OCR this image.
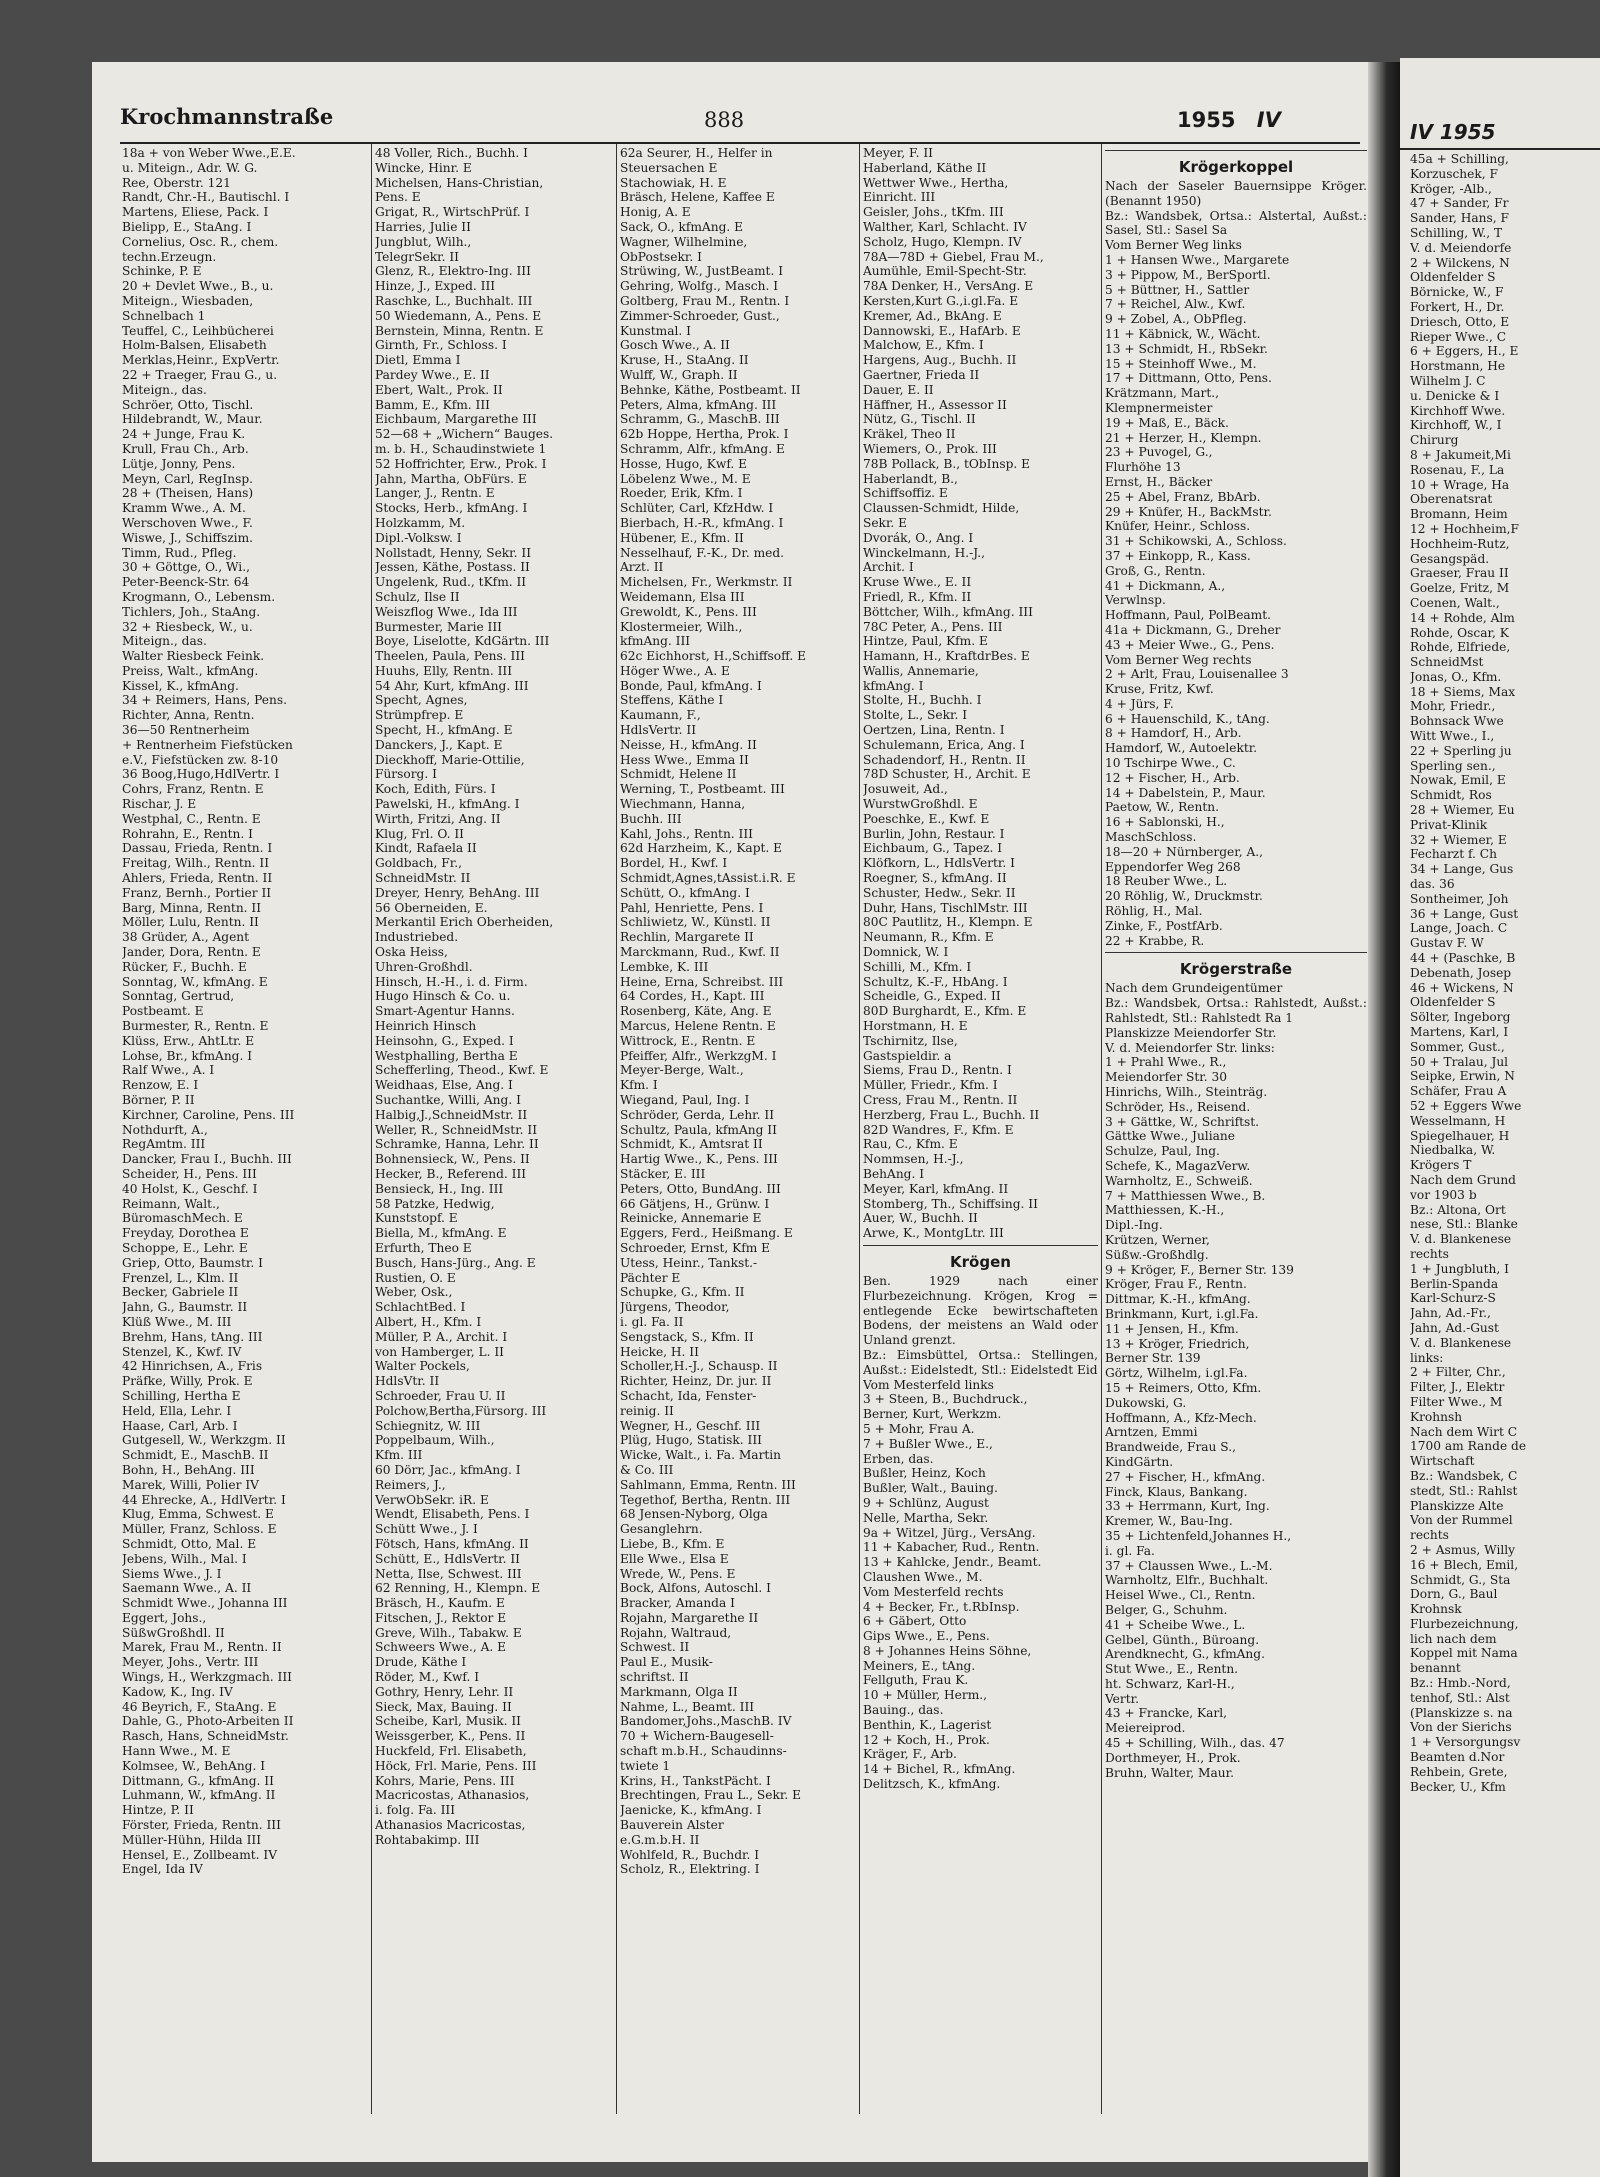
Krochmannstraße	888	1955 IV
18a + von Weber Wwe.,E.E.
u. Miteign., Adr. W. G.
Ree, Oberstr. 121
Randt, Chr.-H., Bautischl. I
Martens, Eliese, Pack. I
Bielipp, E., StaAng. I
Cornelius, Osc. R., chem.
techn.Erzeugn.
Schinke, P. E
20 + Devlet Wwe., B., u.
Miteign., Wiesbaden,
Schnelbach 1
Teuffel, C., Leihbücherei
Holm-Balsen, Elisabeth
Merklas,Heinr., ExpVertr.
22 + Traeger, Frau G., u.
Miteign., das.
Schröer, Otto, Tischl.
Hildebrandt, W., Maur.
24 + Junge, Frau K.
Krull, Frau Ch., Arb.
Lütje, Jonny, Pens.
Meyn, Carl, RegInsp.
28 + (Theisen, Hans)
Kramm Wwe., A. M.
Werschoven Wwe., F.
Wiswe, J., Schiffszim.
Timm, Rud., Pfleg.
30 + Göttge, O., Wi.,
Peter-Beenck-Str. 64
Krogmann, O., Lebensm.
Tichlers, Joh., StaAng.
32 + Riesbeck, W., u.
Miteign., das.
Walter Riesbeck Feink.
Preiss, Walt., kfmAng.
Kissel, K., kfmAng.
34 + Reimers, Hans, Pens.
Richter, Anna, Rentn.
36—50 Rentnerheim
+ Rentnerheim Fiefstücken
e.V., Fiefstücken zw. 8-10
36 Boog,Hugo,HdlVertr. I
Cohrs, Franz, Rentn. E
Rischar, J. E
Westphal, C., Rentn. E
Rohrahn, E., Rentn. I
Dassau, Frieda, Rentn. I
Freitag, Wilh., Rentn. II
Ahlers, Frieda, Rentn. II
Franz, Bernh., Portier II
Barg, Minna, Rentn. II
Möller, Lulu, Rentn. II
38 Grüder, A., Agent
Jander, Dora, Rentn. E
Rücker, F., Buchh. E
Sonntag, W., kfmAng. E
Sonntag, Gertrud,
Postbeamt. E
Burmester, R., Rentn. E
Klüss, Erw., AhtLtr. E
Lohse, Br., kfmAng. I
Ralf Wwe., A. I
Renzow, E. I
Börner, P. II
Kirchner, Caroline, Pens. III
Nothdurft, A.,
RegAmtm. III
Dancker, Frau I., Buchh. III
Scheider, H., Pens. III
40 Holst, K., Geschf. I
Reimann, Walt.,
BüromaschMech. E
Freyday, Dorothea E
Schoppe, E., Lehr. E
Griep, Otto, Baumstr. I
Frenzel, L., Klm. II
Becker, Gabriele II
Jahn, G., Baumstr. II
Klüß Wwe., M. III
Brehm, Hans, tAng. III
Stenzel, K., Kwf. IV
42 Hinrichsen, A., Fris
Präfke, Willy, Prok. E
Schilling, Hertha E
Held, Ella, Lehr. I
Haase, Carl, Arb. I
Gutgesell, W., Werkzgm. II
Schmidt, E., MaschB. II
Bohn, H., BehAng. III
Marek, Willi, Polier IV
44 Ehrecke, A., HdlVertr. I
Klug, Emma, Schwest. E
Müller, Franz, Schloss. E
Schmidt, Otto, Mal. E
Jebens, Wilh., Mal. I
Siems Wwe., J. I
Saemann Wwe., A. II
Schmidt Wwe., Johanna III
Eggert, Johs.,
SüßwGroßhdl. II
Marek, Frau M., Rentn. II
Meyer, Johs., Vertr. III
Wings, H., Werkzgmach. III
Kadow, K., Ing. IV
46 Beyrich, F., StaAng. E
Dahle, G., Photo-Arbeiten II
Rasch, Hans, SchneidMstr.
Hann Wwe., M. E
Kolmsee, W., BehAng. I
Dittmann, G., kfmAng. II
Luhmann, W., kfmAng. II
Hintze, P. II
Förster, Frieda, Rentn. III
Müller-Hühn, Hilda III
Hensel, E., Zollbeamt. IV
Engel, Ida IV
48 Voller, Rich., Buchh. I
Wincke, Hinr. E
Michelsen, Hans-Christian,
Pens. E
Grigat, R., WirtschPrüf. I
Harries, Julie II
Jungblut, Wilh.,
TelegrSekr. II
Glenz, R., Elektro-Ing. III
Hinze, J., Exped. III
Raschke, L., Buchhalt. III
50 Wiedemann, A., Pens. E
Bernstein, Minna, Rentn. E
Girnth, Fr., Schloss. I
Dietl, Emma I
Pardey Wwe., E. II
Ebert, Walt., Prok. II
Bamm, E., Kfm. III
Eichbaum, Margarethe III
52—68 + „Wichern“ Bauges.
m. b. H., Schaudinstwiete 1
52 Hoffrichter, Erw., Prok. I
Jahn, Martha, ObFürs. E
Langer, J., Rentn. E
Stocks, Herb., kfmAng. I
Holzkamm, M.
Dipl.-Volksw. I
Nollstadt, Henny, Sekr. II
Jessen, Käthe, Postass. II
Ungelenk, Rud., tKfm. II
Schulz, Ilse II
Weiszflog Wwe., Ida III
Burmester, Marie III
Boye, Liselotte, KdGärtn. III
Theelen, Paula, Pens. III
Huuhs, Elly, Rentn. III
54 Ahr, Kurt, kfmAng. III
Specht, Agnes,
Strümpfrep. E
Specht, H., kfmAng. E
Danckers, J., Kapt. E
Dieckhoff, Marie-Ottilie,
Fürsorg. I
Koch, Edith, Fürs. I
Pawelski, H., kfmAng. I
Wirth, Fritzi, Ang. II
Klug, Frl. O. II
Kindt, Rafaela II
Goldbach, Fr.,
SchneidMstr. II
Dreyer, Henry, BehAng. III
56 Oberneiden, E.
Merkantil Erich Oberheiden,
Industriebed.
Oska Heiss,
Uhren-Großhdl.
Hinsch, H.-H., i. d. Firm.
Hugo Hinsch & Co. u.
Smart-Agentur Hanns.
Heinrich Hinsch
Heinsohn, G., Exped. I
Westphalling, Bertha E
Schefferling, Theod., Kwf. E
Weidhaas, Else, Ang. I
Suchantke, Willi, Ang. I
Halbig,J.,SchneidMstr. II
Weller, R., SchneidMstr. II
Schramke, Hanna, Lehr. II
Bohnensieck, W., Pens. II
Hecker, B., Referend. III
Bensieck, H., Ing. III
58 Patzke, Hedwig,
Kunststopf. E
Biella, M., kfmAng. E
Erfurth, Theo E
Busch, Hans-Jürg., Ang. E
Rustien, O. E
Weber, Osk.,
SchlachtBed. I
Albert, H., Kfm. I
Müller, P. A., Archit. I
von Hamberger, L. II
Walter Pockels,
HdlsVtr. II
Schroeder, Frau U. II
Polchow,Bertha,Fürsorg. III
Schiegnitz, W. III
Poppelbaum, Wilh.,
Kfm. III
60 Dörr, Jac., kfmAng. I
Reimers, J.,
VerwObSekr. iR. E
Wendt, Elisabeth, Pens. I
Schütt Wwe., J. I
Fötsch, Hans, kfmAng. II
Schütt, E., HdlsVertr. II
Netta, Ilse, Schwest. III
62 Renning, H., Klempn. E
Bräsch, H., Kaufm. E
Fitschen, J., Rektor E
Greve, Wilh., Tabakw. E
Schweers Wwe., A. E
Drude, Käthe I
Röder, M., Kwf. I
Gothry, Henry, Lehr. II
Sieck, Max, Bauing. II
Scheibe, Karl, Musik. II
Weissgerber, K., Pens. II
Huckfeld, Frl. Elisabeth,
Höck, Frl. Marie, Pens. III
Kohrs, Marie, Pens. III
Macricostas, Athanasios,
i. folg. Fa. III
Athanasios Macricostas,
Rohtabakimp. III
62a Seurer, H., Helfer in
Steuersachen E
Stachowiak, H. E
Bräsch, Helene, Kaffee E
Honig, A. E
Sack, O., kfmAng. E
Wagner, Wilhelmine,
ObPostsekr. I
Strüwing, W., JustBeamt. I
Gehring, Wolfg., Masch. I
Goltberg, Frau M., Rentn. I
Zimmer-Schroeder, Gust.,
Kunstmal. I
Gosch Wwe., A. II
Kruse, H., StaAng. II
Wulff, W., Graph. II
Behnke, Käthe, Postbeamt. II
Peters, Alma, kfmAng. III
Schramm, G., MaschB. III
62b Hoppe, Hertha, Prok. I
Schramm, Alfr., kfmAng. E
Hosse, Hugo, Kwf. E
Löbelenz Wwe., M. E
Roeder, Erik, Kfm. I
Schlüter, Carl, KfzHdw. I
Bierbach, H.-R., kfmAng. I
Hübener, E., Kfm. II
Nesselhauf, F.-K., Dr. med.
Arzt. II
Michelsen, Fr., Werkmstr. II
Weidemann, Elsa III
Grewoldt, K., Pens. III
Klostermeier, Wilh.,
kfmAng. III
62c Eichhorst, H.,Schiffsoff. E
Höger Wwe., A. E
Bonde, Paul, kfmAng. I
Steffens, Käthe I
Kaumann, F.,
HdlsVertr. II
Neisse, H., kfmAng. II
Hess Wwe., Emma II
Schmidt, Helene II
Werning, T., Postbeamt. III
Wiechmann, Hanna,
Buchh. III
Kahl, Johs., Rentn. III
62d Harzheim, K., Kapt. E
Bordel, H., Kwf. I
Schmidt,Agnes,tAssist.i.R. E
Schütt, O., kfmAng. I
Pahl, Henriette, Pens. I
Schliwietz, W., Künstl. II
Rechlin, Margarete II
Marckmann, Rud., Kwf. II
Lembke, K. III
Heine, Erna, Schreibst. III
64 Cordes, H., Kapt. III
Rosenberg, Käte, Ang. E
Marcus, Helene Rentn. E
Wittrock, E., Rentn. E
Pfeiffer, Alfr., WerkzgM. I
Meyer-Berge, Walt.,
Kfm. I
Wiegand, Paul, Ing. I
Schröder, Gerda, Lehr. II
Schultz, Paula, kfmAng II
Schmidt, K., Amtsrat II
Hartig Wwe., K., Pens. III
Stäcker, E. III
Peters, Otto, BundAng. III
66 Gätjens, H., Grünw. I
Reinicke, Annemarie E
Eggers, Ferd., Heißmang. E
Schroeder, Ernst, Kfm E
Utess, Heinr., Tankst.-
Pächter E
Schupke, G., Kfm. II
Jürgens, Theodor,
i. gl. Fa. II
Sengstack, S., Kfm. II
Heicke, H. II
Scholler,H.-J., Schausp. II
Richter, Heinz, Dr. jur. II
Schacht, Ida, Fenster-
reinig. II
Wegner, H., Geschf. III
Plüg, Hugo, Statisk. III
Wicke, Walt., i. Fa. Martin
& Co. III
Sahlmann, Emma, Rentn. III
Tegethof, Bertha, Rentn. III
68 Jensen-Nyborg, Olga
Gesanglehrn.
Liebe, B., Kfm. E
Elle Wwe., Elsa E
Wrede, W., Pens. E
Bock, Alfons, Autoschl. I
Bracker, Amanda I
Rojahn, Margarethe II
Rojahn, Waltraud,
Schwest. II
Paul E., Musik-
schriftst. II
Markmann, Olga II
Nahme, L., Beamt. III
Bandomer,Johs.,MaschB. IV
70 + Wichern-Baugesell-
schaft m.b.H., Schaudinns-
twiete 1
Krins, H., TankstPächt. I
Brechtingen, Frau L., Sekr. E
Jaenicke, K., kfmAng. I
Bauverein Alster
e.G.m.b.H. II
Wohlfeld, R., Buchdr. I
Scholz, R., Elektring. I
Meyer, F. II
Haberland, Käthe II
Wettwer Wwe., Hertha,
Einricht. III
Geisler, Johs., tKfm. III
Walther, Karl, Schlacht. IV
Scholz, Hugo, Klempn. IV
78A—78D + Giebel, Frau M.,
Aumühle, Emil-Specht-Str.
78A Denker, H., VersAng. E
Kersten,Kurt G.,i.gl.Fa. E
Kremer, Ad., BkAng. E
Dannowski, E., HafArb. E
Malchow, E., Kfm. I
Hargens, Aug., Buchh. II
Gaertner, Frieda II
Dauer, E. II
Häffner, H., Assessor II
Nütz, G., Tischl. II
Kräkel, Theo II
Wiemers, O., Prok. III
78B Pollack, B., tObInsp. E
Haberlandt, B.,
Schiffsoffiz. E
Claussen-Schmidt, Hilde,
Sekr. E
Dvorák, O., Ang. I
Winckelmann, H.-J.,
Archit. I
Kruse Wwe., E. II
Friedl, R., Kfm. II
Böttcher, Wilh., kfmAng. III
78C Peter, A., Pens. III
Hintze, Paul, Kfm. E
Hamann, H., KraftdrBes. E
Wallis, Annemarie,
kfmAng. I
Stolte, H., Buchh. I
Stolte, L., Sekr. I
Oertzen, Lina, Rentn. I
Schulemann, Erica, Ang. I
Schadendorf, H., Rentn. II
78D Schuster, H., Archit. E
Josuweit, Ad.,
WurstwGroßhdl. E
Poeschke, E., Kwf. E
Burlin, John, Restaur. I
Eichbaum, G., Tapez. I
Klöfkorn, L., HdlsVertr. I
Roegner, S., kfmAng. II
Schuster, Hedw., Sekr. II
Duhr, Hans, TischlMstr. III
80C Pautlitz, H., Klempn. E
Neumann, R., Kfm. E
Domnick, W. I
Schilli, M., Kfm. I
Schultz, K.-F., HbAng. I
Scheidle, G., Exped. II
80D Burghardt, E., Kfm. E
Horstmann, H. E
Tschirnitz, Ilse,
Gastspieldir. a
Siems, Frau D., Rentn. I
Müller, Friedr., Kfm. I
Cress, Frau M., Rentn. II
Herzberg, Frau L., Buchh. II
82D Wandres, F., Kfm. E
Rau, C., Kfm. E
Nommsen, H.-J.,
BehAng. I
Meyer, Karl, kfmAng. II
Stomberg, Th., Schiffsing. II
Auer, W., Buchh. II
Arwe, K., MontgLtr. III
Krögen
Ben. 1929 nach einer Flurbezeichnung. Krögen, Krog = entlegende Ecke bewirtschafteten Bodens, der meistens an Wald oder Unland grenzt.
Bz.: Eimsbüttel, Ortsa.: Stellingen, Außst.: Eidelstedt, Stl.: Eidelstedt Eid
Vom Mesterfeld links
3 + Steen, B., Buchdruck.,
Berner, Kurt, Werkzm.
5 + Mohr, Frau A.
7 + Bußler Wwe., E.,
Erben, das.
Bußler, Heinz, Koch
Bußler, Walt., Bauing.
9 + Schlünz, August
Nelle, Martha, Sekr.
9a + Witzel, Jürg., VersAng.
11 + Kabacher, Rud., Rentn.
13 + Kahlcke, Jendr., Beamt.
Claushen Wwe., M.
Vom Mesterfeld rechts
4 + Becker, Fr., t.RbInsp.
6 + Gäbert, Otto
Gips Wwe., E., Pens.
8 + Johannes Heins Söhne,
Meiners, E., tAng.
Fellguth, Frau K.
10 + Müller, Herm.,
Bauing., das.
Benthin, K., Lagerist
12 + Koch, H., Prok.
Kräger, F., Arb.
14 + Bichel, R., kfmAng.
Delitzsch, K., kfmAng.
Krögerkoppel
Nach der Saseler Bauernsippe Kröger. (Benannt 1950)
Bz.: Wandsbek, Ortsa.: Alstertal, Außst.: Sasel, Stl.: Sasel Sa
Vom Berner Weg links
1 + Hansen Wwe., Margarete
3 + Pippow, M., BerSportl.
5 + Büttner, H., Sattler
7 + Reichel, Alw., Kwf.
9 + Zobel, A., ObPfleg.
11 + Käbnick, W., Wächt.
13 + Schmidt, H., RbSekr.
15 + Steinhoff Wwe., M.
17 + Dittmann, Otto, Pens.
Krätzmann, Mart.,
Klempnermeister
19 + Maß, E., Bäck.
21 + Herzer, H., Klempn.
23 + Puvogel, G.,
Flurhöhe 13
Ernst, H., Bäcker
25 + Abel, Franz, BbArb.
29 + Knüfer, H., BackMstr.
Knüfer, Heinr., Schloss.
31 + Schikowski, A., Schloss.
37 + Einkopp, R., Kass.
Groß, G., Rentn.
41 + Dickmann, A.,
Verwlnsp.
Hoffmann, Paul, PolBeamt.
41a + Dickmann, G., Dreher
43 + Meier Wwe., G., Pens.
Vom Berner Weg rechts
2 + Arlt, Frau, Louisenallee 3
Kruse, Fritz, Kwf.
4 + Jürs, F.
6 + Hauenschild, K., tAng.
8 + Hamdorf, H., Arb.
Hamdorf, W., Autoelektr.
10 Tschirpe Wwe., C.
12 + Fischer, H., Arb.
14 + Dabelstein, P., Maur.
Paetow, W., Rentn.
16 + Sablonski, H.,
MaschSchloss.
18—20 + Nürnberger, A.,
Eppendorfer Weg 268
18 Reuber Wwe., L.
20 Röhlig, W., Druckmstr.
Röhlig, H., Mal.
Zinke, F., PostfArb.
22 + Krabbe, R.
Krögerstraße
Nach dem Grundeigentümer
Bz.: Wandsbek, Ortsa.: Rahlstedt, Außst.: Rahlstedt, Stl.: Rahlstedt Ra 1
Planskizze Meiendorfer Str.
V. d. Meiendorfer Str. links:
1 + Prahl Wwe., R.,
Meiendorfer Str. 30
Hinrichs, Wilh., Steinträg.
Schröder, Hs., Reisend.
3 + Gättke, W., Schriftst.
Gättke Wwe., Juliane
Schulze, Paul, Ing.
Schefe, K., MagazVerw.
Warnholtz, E., Schweiß.
7 + Matthiessen Wwe., B.
Matthiessen, K.-H.,
Dipl.-Ing.
Krützen, Werner,
Süßw.-Großhdlg.
9 + Kröger, F., Berner Str. 139
Kröger, Frau F., Rentn.
Dittmar, K.-H., kfmAng.
Brinkmann, Kurt, i.gl.Fa.
11 + Jensen, H., Kfm.
13 + Kröger, Friedrich,
Berner Str. 139
Görtz, Wilhelm, i.gl.Fa.
15 + Reimers, Otto, Kfm.
Dukowski, G.
Hoffmann, A., Kfz-Mech.
Arntzen, Emmi
Brandweide, Frau S.,
KindGärtn.
27 + Fischer, H., kfmAng.
Finck, Klaus, Bankang.
33 + Herrmann, Kurt, Ing.
Kremer, W., Bau-Ing.
35 + Lichtenfeld,Johannes H.,
i. gl. Fa.
37 + Claussen Wwe., L.-M.
Warnholtz, Elfr., Buchhalt.
Heisel Wwe., Cl., Rentn.
Belger, G., Schuhm.
41 + Scheibe Wwe., L.
Gelbel, Günth., Büroang.
Arendknecht, G., kfmAng.
Stut Wwe., E., Rentn.
ht. Schwarz, Karl-H.,
Vertr.
43 + Francke, Karl,
Meiereiprod.
45 + Schilling, Wilh., das. 47
Dorthmeyer, H., Prok.
Bruhn, Walter, Maur.
IV 1955
45a + Schilling,
Korzuschek, F
Kröger, -Alb.,
47 + Sander, Fr
Sander, Hans, F
Schilling, W., T
V. d. Meiendorfe
2 + Wilckens, N
Oldenfelder S
Börnicke, W., F
Forkert, H., Dr.
Driesch, Otto, E
Rieper Wwe., C
6 + Eggers, H., E
Horstmann, He
Wilhelm J. C
u. Denicke & I
Kirchhoff Wwe.
Kirchhoff, W., I
Chirurg
8 + Jakumeit,Mi
Rosenau, F., La
10 + Wrage, Ha
Oberenatsrat
Bromann, Heim
12 + Hochheim,F
Hochheim-Rutz,
Gesangspäd.
Graeser, Frau II
Goelze, Fritz, M
Coenen, Walt.,
14 + Rohde, Alm
Rohde, Oscar, K
Rohde, Elfriede,
SchneidMst
Jonas, O., Kfm.
18 + Siems, Max
Mohr, Friedr.,
Bohnsack Wwe
Witt Wwe., I.,
22 + Sperling ju
Sperling sen.,
Nowak, Emil, E
Schmidt, Ros
28 + Wiemer, Eu
Privat-Klinik
32 + Wiemer, E
Fecharzt f. Ch
34 + Lange, Gus
das. 36
Sontheimer, Joh
36 + Lange, Gust
Lange, Joach. C
Gustav F. W
44 + (Paschke, B
Debenath, Josep
46 + Wickens, N
Oldenfelder S
Sölter, Ingeborg
Martens, Karl, I
Sommer, Gust.,
50 + Tralau, Jul
Seipke, Erwin, N
Schäfer, Frau A
52 + Eggers Wwe
Wesselmann, H
Spiegelhauer, H
Niedbalka, W.
Krögers T
Nach dem Grund
vor 1903 b
Bz.: Altona, Ort
nese, Stl.: Blanke
V. d. Blankenese
rechts
1 + Jungbluth, I
Berlin-Spanda
Karl-Schurz-S
Jahn, Ad.-Fr.,
Jahn, Ad.-Gust
V. d. Blankenese
links:
2 + Filter, Chr.,
Filter, J., Elektr
Filter Wwe., M
Krohnsh
Nach dem Wirt C
1700 am Rande de
Wirtschaft
Bz.: Wandsbek, C
stedt, Stl.: Rahlst
Planskizze Alte
Von der Rummel
rechts
2 + Asmus, Willy
16 + Blech, Emil,
Schmidt, G., Sta
Dorn, G., Baul
Krohnsk
Flurbezeichnung,
lich nach dem
Koppel mit Nama
benannt
Bz.: Hmb.-Nord,
tenhof, Stl.: Alst
(Planskizze s. na
Von der Sierichs
1 + Versorgungsv
Beamten d.Nor
Rehbein, Grete,
Becker, U., Kfm
